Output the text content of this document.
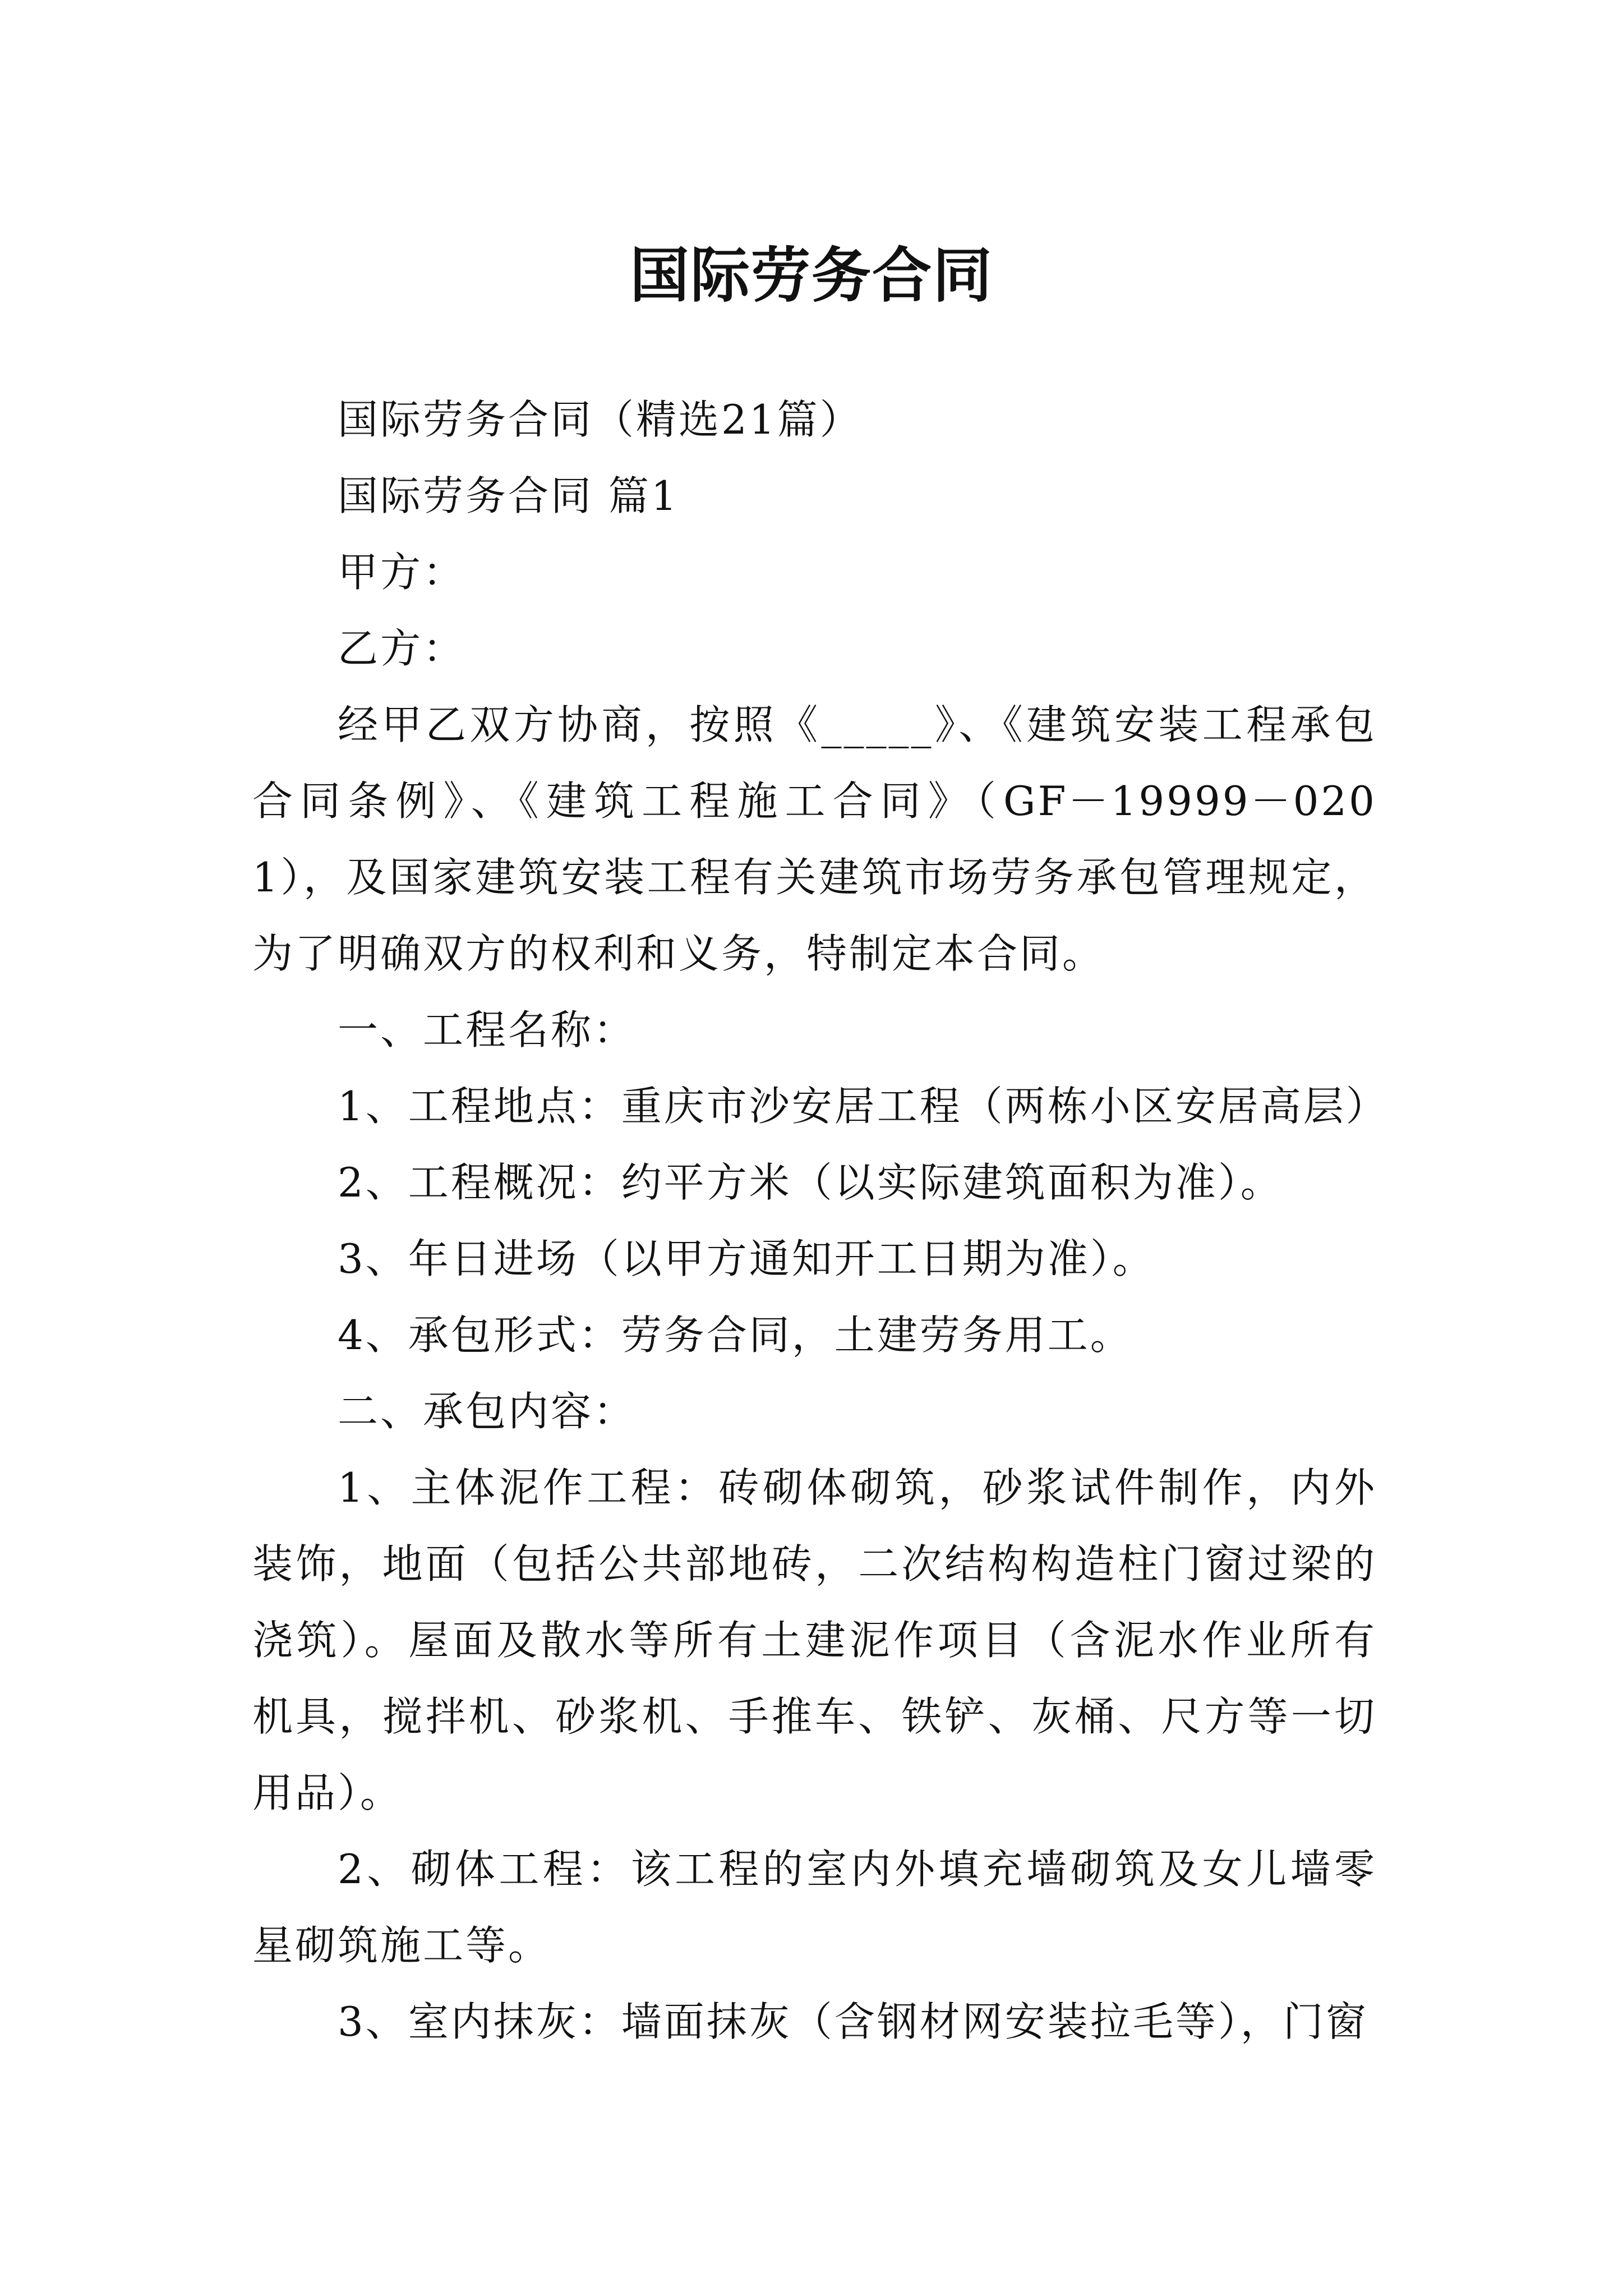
国际劳务合同

国际劳务合同（精选21篇）

国际劳务合同 篇1

甲方：

乙方：

经甲乙双方协商，按照《_____》、《建筑安装工程承包合同条例》、《建筑工程施工合同》（GF－19999－0201），及国家建筑安装工程有关建筑市场劳务承包管理规定，为了明确双方的权利和义务，特制定本合同。

一、工程名称：

1、工程地点：重庆市沙安居工程（两栋小区安居高层）

2、工程概况：约平方米（以实际建筑面积为准）。

3、年日进场（以甲方通知开工日期为准）。

4、承包形式：劳务合同，土建劳务用工。

二、承包内容：

1、主体泥作工程：砖砌体砌筑，砂浆试件制作，内外装饰，地面（包括公共部地砖，二次结构构造柱门窗过梁的浇筑）。屋面及散水等所有土建泥作项目（含泥水作业所有机具，搅拌机、砂浆机、手推车、铁铲、灰桶、尺方等一切用品）。

2、砌体工程：该工程的室内外填充墙砌筑及女儿墙零星砌筑施工等。

3、室内抹灰：墙面抹灰（含钢材网安装拉毛等），门窗
